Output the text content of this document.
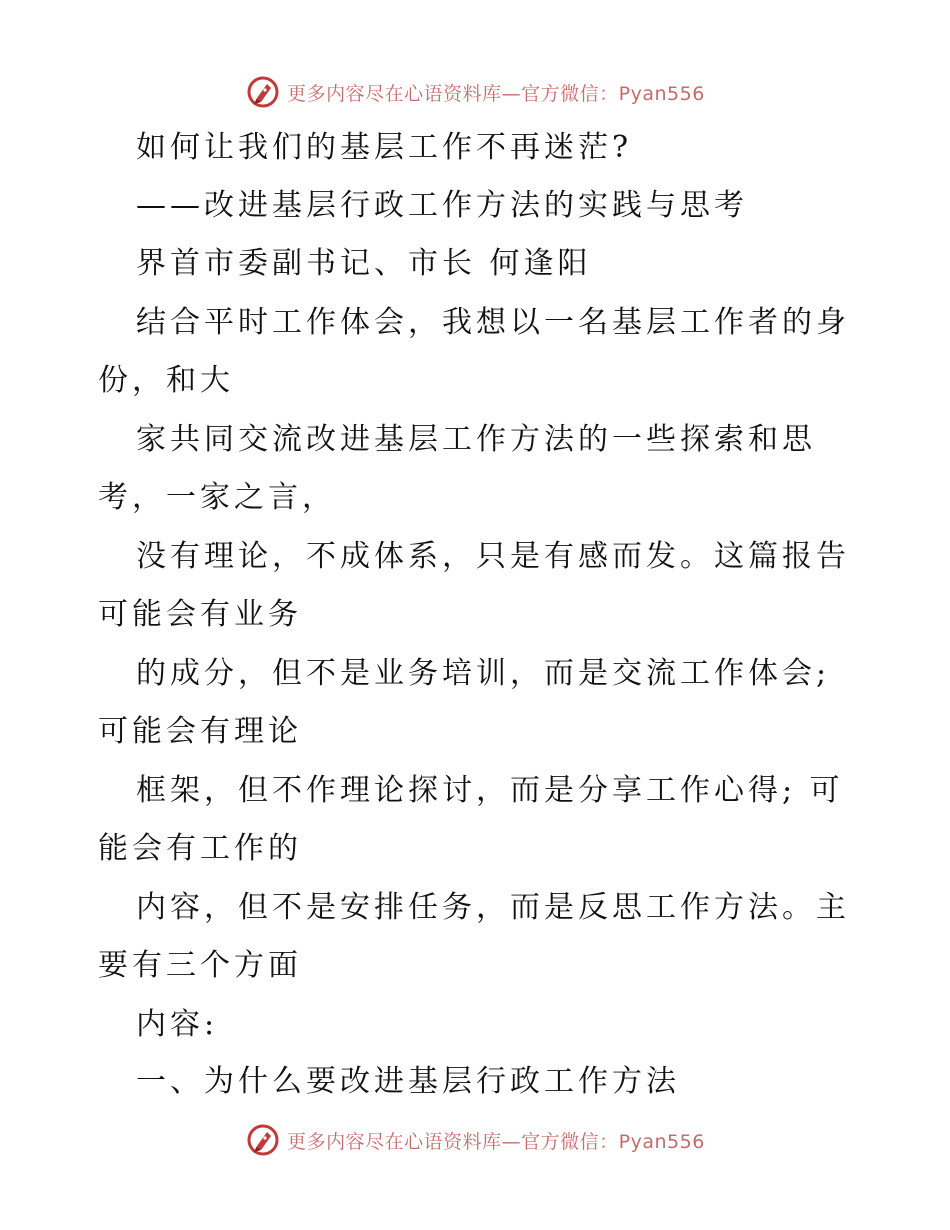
更多内容尽在心语资料库—官方微信：Pyan556
如何让我们的基层工作不再迷茫?
——改进基层行政工作方法的实践与思考
界首市委副书记、市长 何逢阳
结合平时工作体会，我想以一名基层工作者的身
份，和大
家共同交流改进基层工作方法的一些探索和思
考，一家之言，
没有理论，不成体系，只是有感而发。这篇报告
可能会有业务
的成分，但不是业务培训，而是交流工作体会;
可能会有理论
框架，但不作理论探讨，而是分享工作心得; 可
能会有工作的
内容，但不是安排任务，而是反思工作方法。主
要有三个方面
内容:
一、为什么要改进基层行政工作方法
更多内容尽在心语资料库—官方微信：Pyan556
